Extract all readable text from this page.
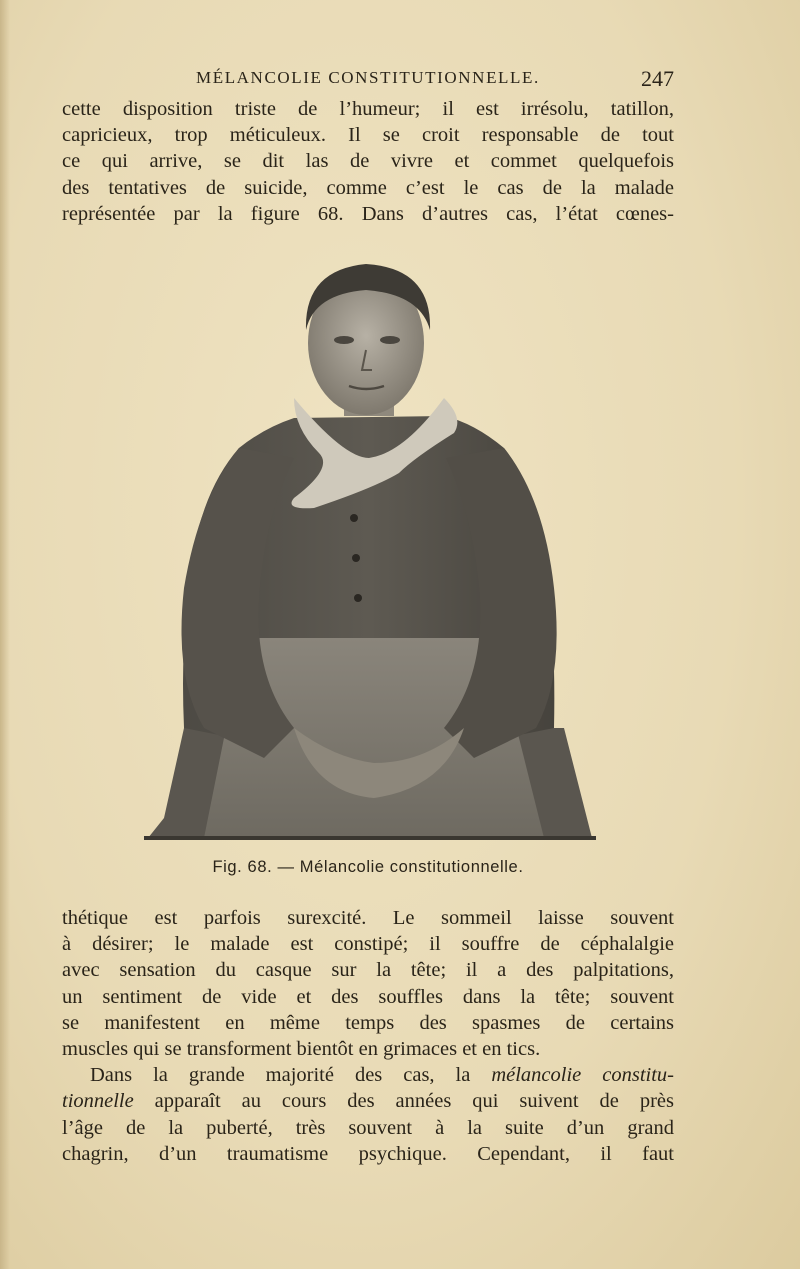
MÉLANCOLIE CONSTITUTIONNELLE.	247

cette disposition triste de l’humeur; il est irrésolu, tatillon,
capricieux, trop méticuleux. Il se croit responsable de tout
ce qui arrive, se dit las de vivre et commet quelquefois
des tentatives de suicide, comme c’est le cas de la malade
représentée par la figure 68. Dans d’autres cas, l’état cœnes-

Fig. 68. — Mélancolie constitutionnelle.

thétique est parfois surexcité. Le sommeil laisse souvent
à désirer; le malade est constipé; il souffre de céphalalgie
avec sensation du casque sur la tête; il a des palpitations,
un sentiment de vide et des souffles dans la tête; souvent
se manifestent en même temps des spasmes de certains
muscles qui se transforment bientôt en grimaces et en tics.

Dans la grande majorité des cas, la mélancolie constitu-
tionnelle apparaît au cours des années qui suivent de près
l’âge de la puberté, très souvent à la suite d’un grand
chagrin, d’un traumatisme psychique. Cependant, il faut
